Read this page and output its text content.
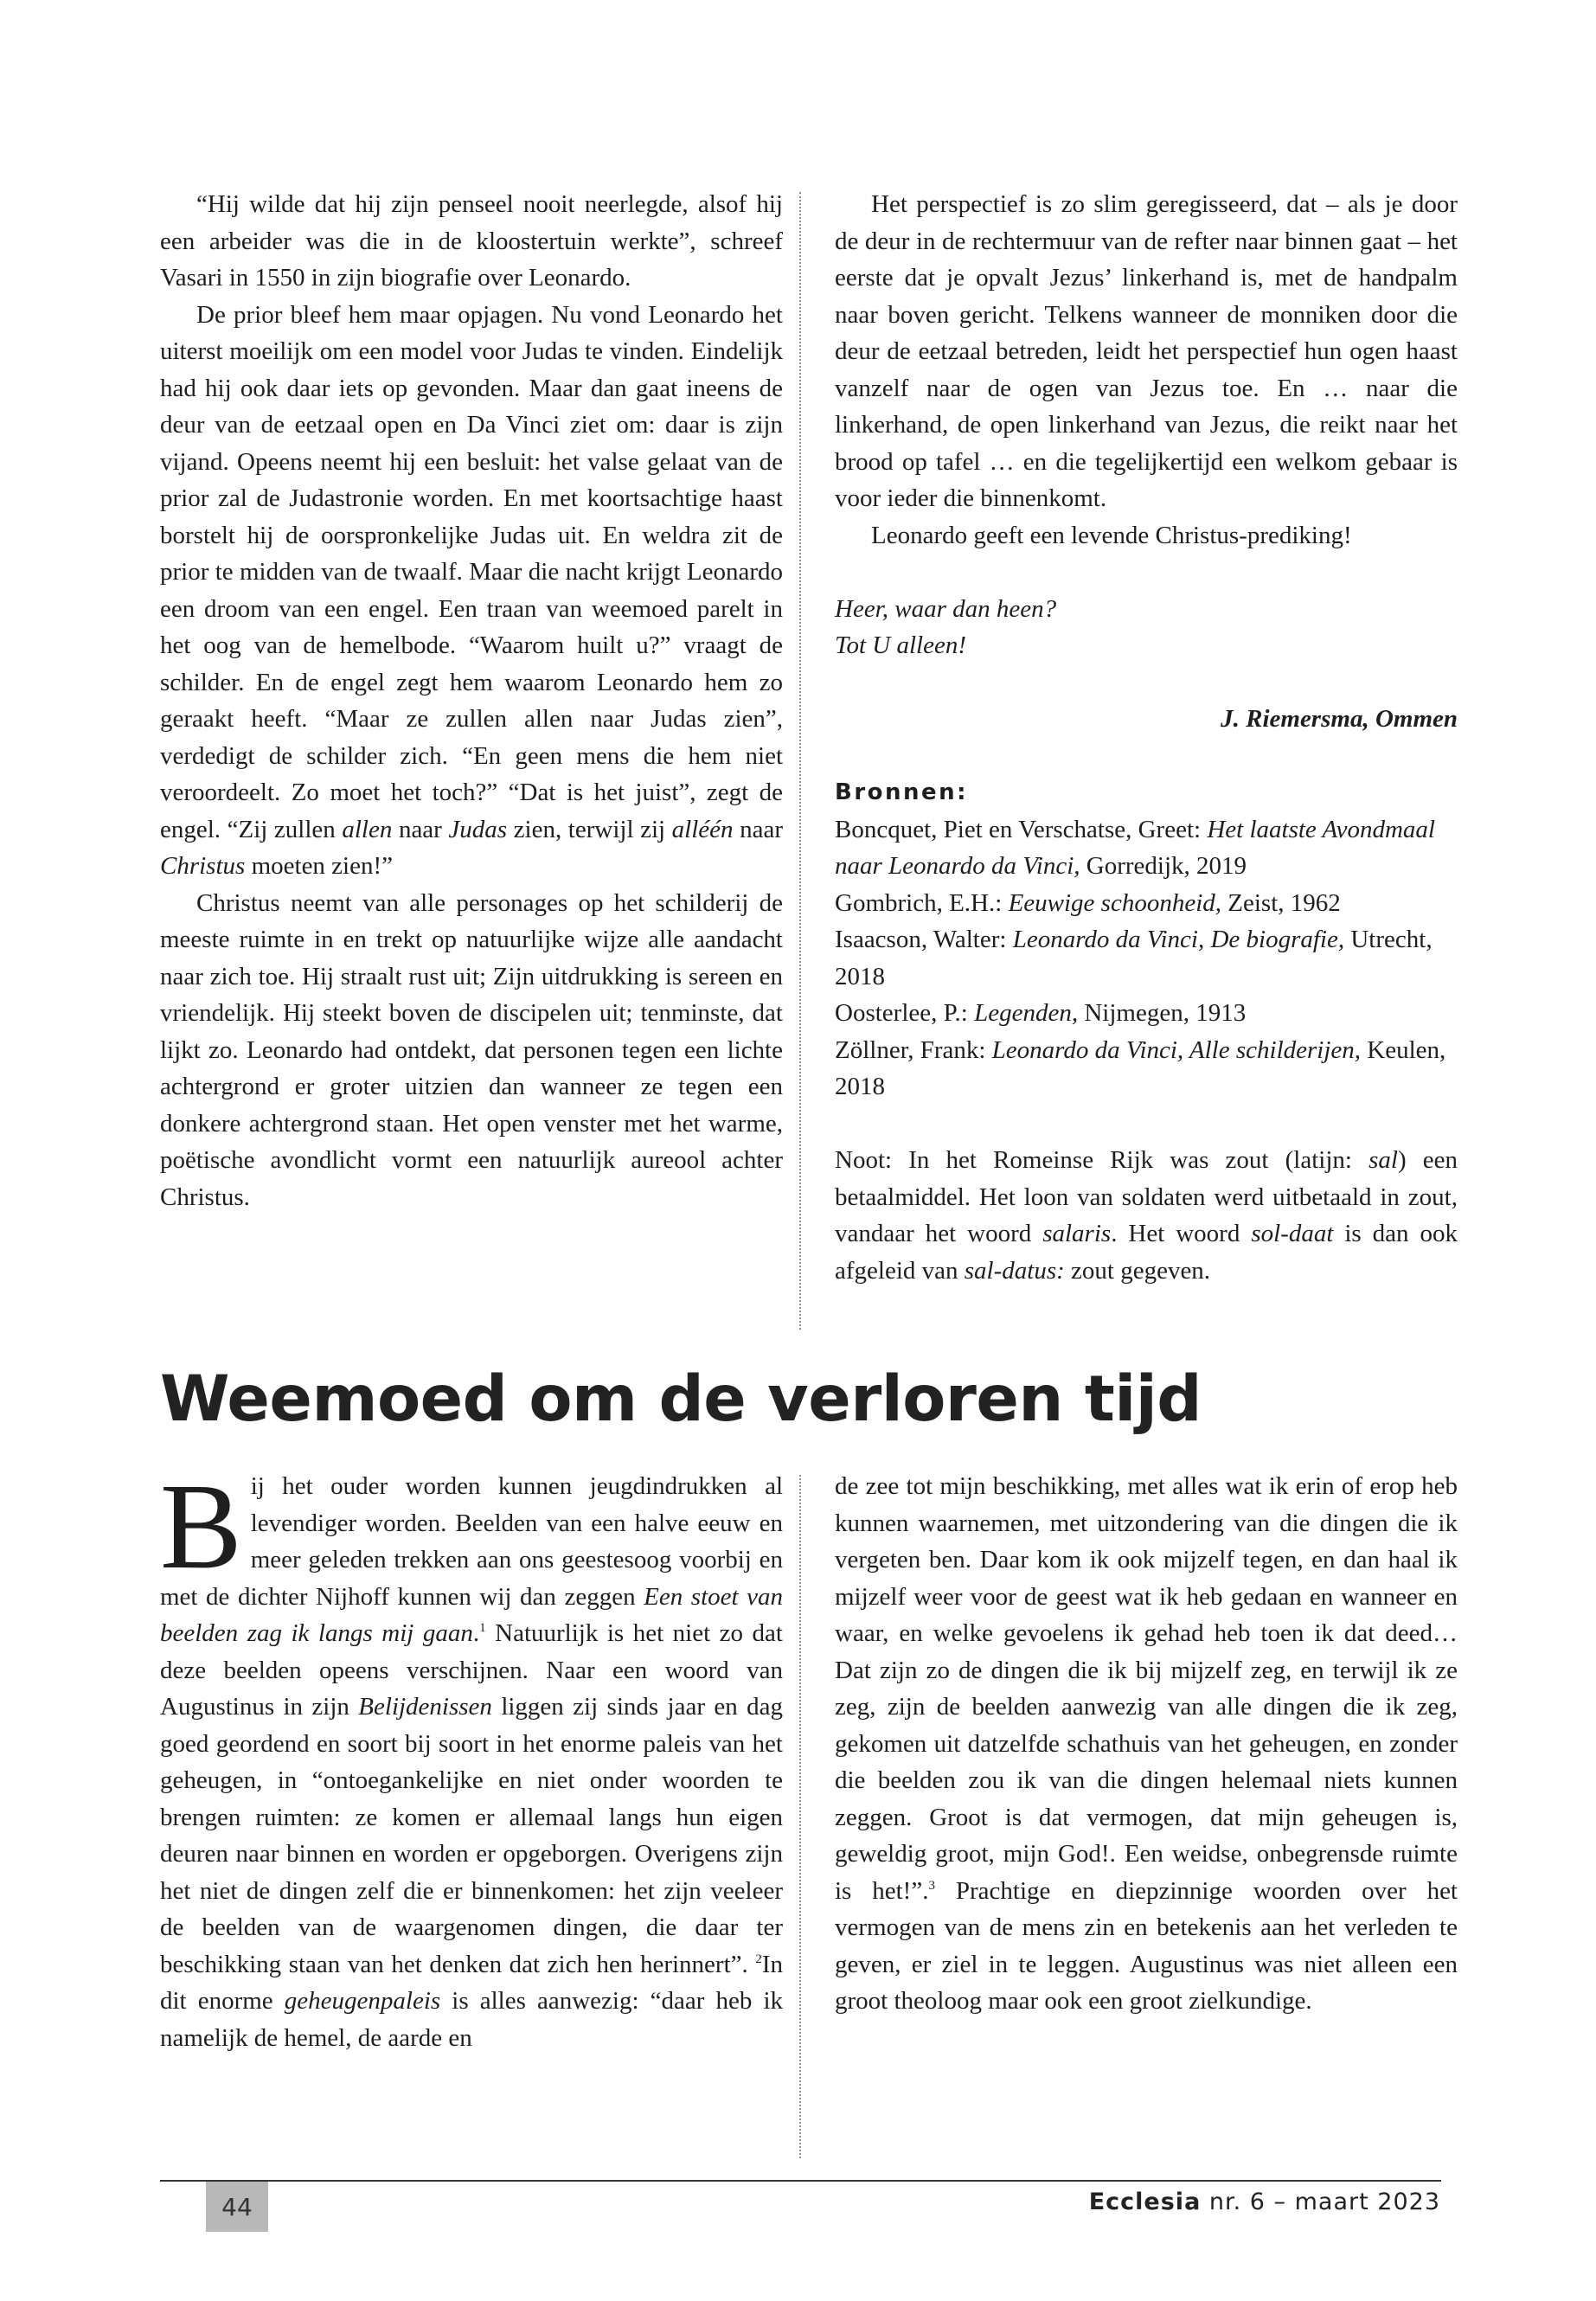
“Hij wilde dat hij zijn penseel nooit neerlegde, alsof hij een arbeider was die in de kloostertuin werkte”, schreef Vasari in 1550 in zijn biografie over Leonardo.

De prior bleef hem maar opjagen. Nu vond Leonardo het uiterst moeilijk om een model voor Judas te vinden. Eindelijk had hij ook daar iets op gevonden. Maar dan gaat ineens de deur van de eetzaal open en Da Vinci ziet om: daar is zijn vijand. Opeens neemt hij een besluit: het valse gelaat van de prior zal de Judastronie worden. En met koortsachtige haast borstelt hij de oorspronkelijke Judas uit. En weldra zit de prior te midden van de twaalf. Maar die nacht krijgt Leonardo een droom van een engel. Een traan van weemoed parelt in het oog van de hemelbode. “Waarom huilt u?” vraagt de schilder. En de engel zegt hem waarom Leonardo hem zo geraakt heeft. “Maar ze zullen allen naar Judas zien”, verdedigt de schilder zich. “En geen mens die hem niet veroordeelt. Zo moet het toch?” “Dat is het juist”, zegt de engel. “Zij zullen allen naar Judas zien, terwijl zij alléén naar Christus moeten zien!”

Christus neemt van alle personages op het schilderij de meeste ruimte in en trekt op natuurlijke wijze alle aandacht naar zich toe. Hij straalt rust uit; Zijn uitdrukking is sereen en vriendelijk. Hij steekt boven de discipelen uit; tenminste, dat lijkt zo. Leonardo had ontdekt, dat personen tegen een lichte achtergrond er groter uitzien dan wanneer ze tegen een donkere achtergrond staan. Het open venster met het warme, poëtische avondlicht vormt een natuurlijk aureool achter Christus.

Het perspectief is zo slim geregisseerd, dat – als je door de deur in de rechtermuur van de refter naar binnen gaat – het eerste dat je opvalt Jezus’ linkerhand is, met de handpalm naar boven gericht. Telkens wanneer de monniken door die deur de eetzaal betreden, leidt het perspectief hun ogen haast vanzelf naar de ogen van Jezus toe. En … naar die linkerhand, de open linkerhand van Jezus, die reikt naar het brood op tafel … en die tegelijkertijd een welkom gebaar is voor ieder die binnenkomt.

Leonardo geeft een levende Christus-prediking!

Heer, waar dan heen?

Tot U alleen!

J. Riemersma, Ommen

Bronnen:

Boncquet, Piet en Verschatse, Greet: Het laatste Avondmaal naar Leonardo da Vinci, Gorredijk, 2019

Gombrich, E.H.: Eeuwige schoonheid, Zeist, 1962

Isaacson, Walter: Leonardo da Vinci, De biografie, Utrecht, 2018

Oosterlee, P.: Legenden, Nijmegen, 1913

Zöllner, Frank: Leonardo da Vinci, Alle schilderijen, Keulen, 2018

Noot: In het Romeinse Rijk was zout (latijn: sal) een betaalmiddel. Het loon van soldaten werd uitbetaald in zout, vandaar het woord salaris. Het woord sol-daat is dan ook afgeleid van sal-datus: zout gegeven.

Weemoed om de verloren tijd

Bij het ouder worden kunnen jeugdindrukken al levendiger worden. Beelden van een halve eeuw en meer geleden trekken aan ons geestesoog voorbij en met de dichter Nijhoff kunnen wij dan zeggen Een stoet van beelden zag ik langs mij gaan.$^1$ Natuurlijk is het niet zo dat deze beelden opeens verschijnen. Naar een woord van Augustinus in zijn Belijdenissen liggen zij sinds jaar en dag goed geordend en soort bij soort in het enorme paleis van het geheugen, in “ontoegankelijke en niet onder woorden te brengen ruimten: ze komen er allemaal langs hun eigen deuren naar binnen en worden er opgeborgen. Overigens zijn het niet de dingen zelf die er binnenkomen: het zijn veeleer de beelden van de waargenomen dingen, die daar ter beschikking staan van het denken dat zich hen herinnert”. $^2$In dit enorme geheugenpaleis is alles aanwezig: “daar heb ik namelijk de hemel, de aarde en

de zee tot mijn beschikking, met alles wat ik erin of erop heb kunnen waarnemen, met uitzondering van die dingen die ik vergeten ben. Daar kom ik ook mijzelf tegen, en dan haal ik mijzelf weer voor de geest wat ik heb gedaan en wanneer en waar, en welke gevoelens ik gehad heb toen ik dat deed… Dat zijn zo de dingen die ik bij mijzelf zeg, en terwijl ik ze zeg, zijn de beelden aanwezig van alle dingen die ik zeg, gekomen uit datzelfde schathuis van het geheugen, en zonder die beelden zou ik van die dingen helemaal niets kunnen zeggen. Groot is dat vermogen, dat mijn geheugen is, geweldig groot, mijn God!. Een weidse, onbegrensde ruimte is het!”.$^3$ Prachtige en diepzinnige woorden over het vermogen van de mens zin en betekenis aan het verleden te geven, er ziel in te leggen. Augustinus was niet alleen een groot theoloog maar ook een groot zielkundige.

44	Ecclesia nr. 6 – maart 2023
